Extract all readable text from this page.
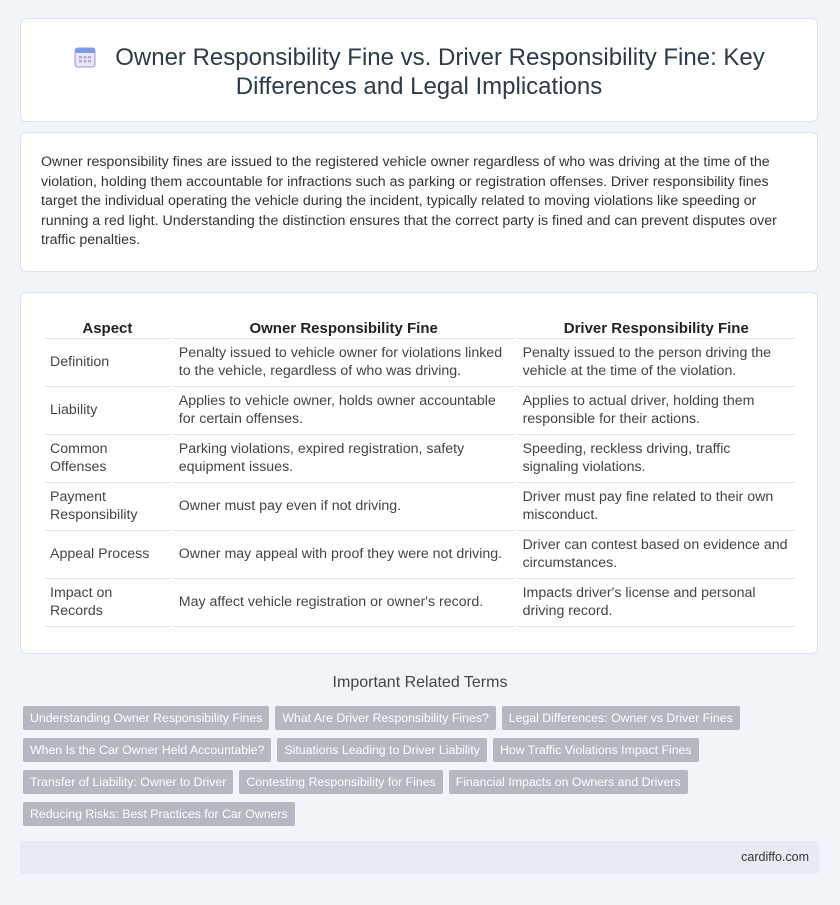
Owner Responsibility Fine vs. Driver Responsibility Fine: Key Differences and Legal Implications
Owner responsibility fines are issued to the registered vehicle owner regardless of who was driving at the time of the violation, holding them accountable for infractions such as parking or registration offenses. Driver responsibility fines target the individual operating the vehicle during the incident, typically related to moving violations like speeding or running a red light. Understanding the distinction ensures that the correct party is fined and can prevent disputes over traffic penalties.
Aspect	Owner Responsibility Fine	Driver Responsibility Fine
Definition	Penalty issued to vehicle owner for violations linked to the vehicle, regardless of who was driving.	Penalty issued to the person driving the vehicle at the time of the violation.
Liability	Applies to vehicle owner, holds owner accountable for certain offenses.	Applies to actual driver, holding them responsible for their actions.
Common Offenses	Parking violations, expired registration, safety equipment issues.	Speeding, reckless driving, traffic signaling violations.
Payment Responsibility	Owner must pay even if not driving.	Driver must pay fine related to their own misconduct.
Appeal Process	Owner may appeal with proof they were not driving.	Driver can contest based on evidence and circumstances.
Impact on Records	May affect vehicle registration or owner's record.	Impacts driver's license and personal driving record.
Important Related Terms
Understanding Owner Responsibility Fines	What Are Driver Responsibility Fines?	Legal Differences: Owner vs Driver Fines
When Is the Car Owner Held Accountable?	Situations Leading to Driver Liability	How Traffic Violations Impact Fines
Transfer of Liability: Owner to Driver	Contesting Responsibility for Fines	Financial Impacts on Owners and Drivers
Reducing Risks: Best Practices for Car Owners
cardiffo.com
